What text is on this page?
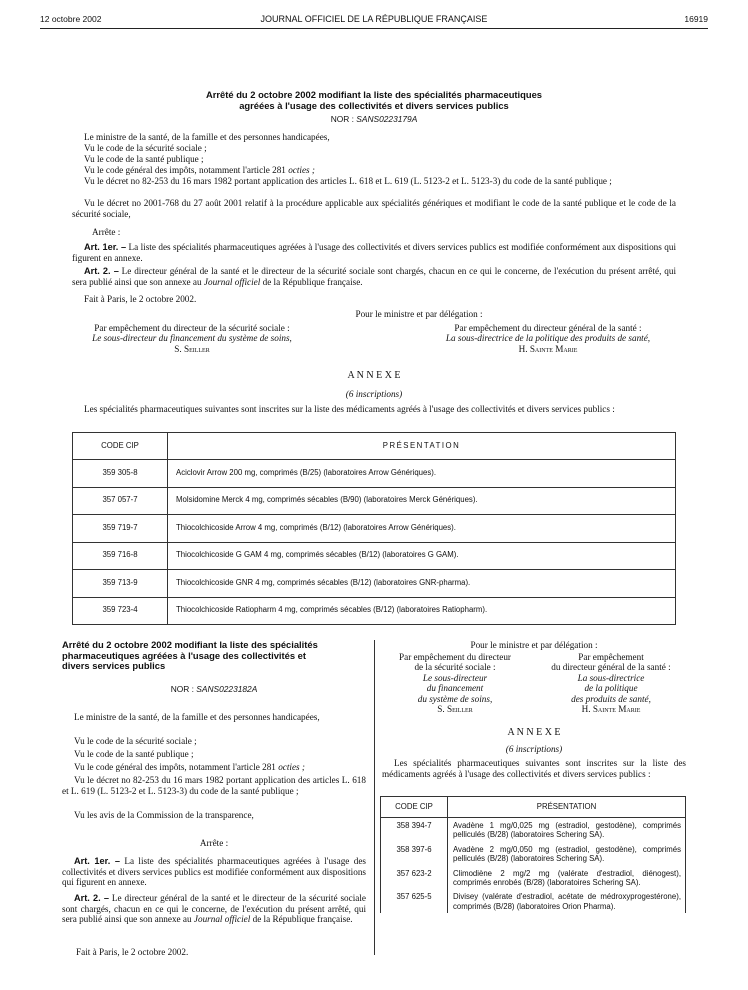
12 octobre 2002	JOURNAL OFFICIEL DE LA RÉPUBLIQUE FRANÇAISE	16919
Arrêté du 2 octobre 2002 modifiant la liste des spécialités pharmaceutiques
agréées à l'usage des collectivités et divers services publics
NOR : SANS0223179A
Le ministre de la santé, de la famille et des personnes handicapées,
Vu le code de la sécurité sociale ;
Vu le code de la santé publique ;
Vu le code général des impôts, notamment l'article 281 octies ;
Vu le décret no 82-253 du 16 mars 1982 portant application des articles L. 618 et L. 619 (L. 5123-2 et L. 5123-3) du code de la santé publique ;
Vu le décret no 2001-768 du 27 août 2001 relatif à la procédure applicable aux spécialités génériques et modifiant le code de la santé publique et le code de la sécurité sociale,
Arrête :
Art. 1er. – La liste des spécialités pharmaceutiques agréées à l'usage des collectivités et divers services publics est modifiée conformément aux dispositions qui figurent en annexe.
Art. 2. – Le directeur général de la santé et le directeur de la sécurité sociale sont chargés, chacun en ce qui le concerne, de l'exécution du présent arrêté, qui sera publié ainsi que son annexe au Journal officiel de la République française.
Fait à Paris, le 2 octobre 2002.
Pour le ministre et par délégation :
Par empêchement du directeur de la sécurité sociale :
Le sous-directeur du financement du système de soins,
S. Seiller
Par empêchement du directeur général de la santé :
La sous-directrice de la politique des produits de santé,
H. Sainte Marie
A N N E X E
(6 inscriptions)
Les spécialités pharmaceutiques suivantes sont inscrites sur la liste des médicaments agréés à l'usage des collectivités et divers services publics :
CODE CIP	PRÉSENTATION
359 305-8	Aciclovir Arrow 200 mg, comprimés (B/25) (laboratoires Arrow Génériques).
357 057-7	Molsidomine Merck 4 mg, comprimés sécables (B/90) (laboratoires Merck Génériques).
359 719-7	Thiocolchicoside Arrow 4 mg, comprimés (B/12) (laboratoires Arrow Génériques).
359 716-8	Thiocolchicoside G GAM 4 mg, comprimés sécables (B/12) (laboratoires G GAM).
359 713-9	Thiocolchicoside GNR 4 mg, comprimés sécables (B/12) (laboratoires GNR-pharma).
359 723-4	Thiocolchicoside Ratiopharm 4 mg, comprimés sécables (B/12) (laboratoires Ratiopharm).
Arrêté du 2 octobre 2002 modifiant la liste des spécialités
pharmaceutiques agréées à l'usage des collectivités et
divers services publics
NOR : SANS0223182A
Le ministre de la santé, de la famille et des personnes handicapées,
Vu le code de la sécurité sociale ;
Vu le code de la santé publique ;
Vu le code général des impôts, notamment l'article 281 octies ;
Vu le décret no 82-253 du 16 mars 1982 portant application des articles L. 618 et L. 619 (L. 5123-2 et L. 5123-3) du code de la santé publique ;
Vu les avis de la Commission de la transparence,
Arrête :
Art. 1er. – La liste des spécialités pharmaceutiques agréées à l'usage des collectivités et divers services publics est modifiée conformément aux dispositions qui figurent en annexe.
Art. 2. – Le directeur général de la santé et le directeur de la sécurité sociale sont chargés, chacun en ce qui le concerne, de l'exécution du présent arrêté, qui sera publié ainsi que son annexe au Journal officiel de la République française.
Fait à Paris, le 2 octobre 2002.
Pour le ministre et par délégation :
Par empêchement du directeur
de la sécurité sociale :
Le sous-directeur
du financement
du système de soins,
S. Seiller
Par empêchement
du directeur général de la santé :
La sous-directrice
de la politique
des produits de santé,
H. Sainte Marie
A N N E X E
(6 inscriptions)
Les spécialités pharmaceutiques suivantes sont inscrites sur la liste des médicaments agréés à l'usage des collectivités et divers services publics :
CODE CIP	PRÉSENTATION
358 394-7	Avadène 1 mg/0,025 mg (estradiol, gestodène), comprimés pelliculés (B/28) (laboratoires Schering SA).
358 397-6	Avadène 2 mg/0,050 mg (estradiol, gestodène), comprimés pelliculés (B/28) (laboratoires Schering SA).
357 623-2	Climodiène 2 mg/2 mg (valérate d'estradiol, diénogest), comprimés enrobés (B/28) (laboratoires Schering SA).
357 625-5	Divisey (valérate d'estradiol, acétate de médroxyprogestérone), comprimés (B/28) (laboratoires Orion Pharma).
